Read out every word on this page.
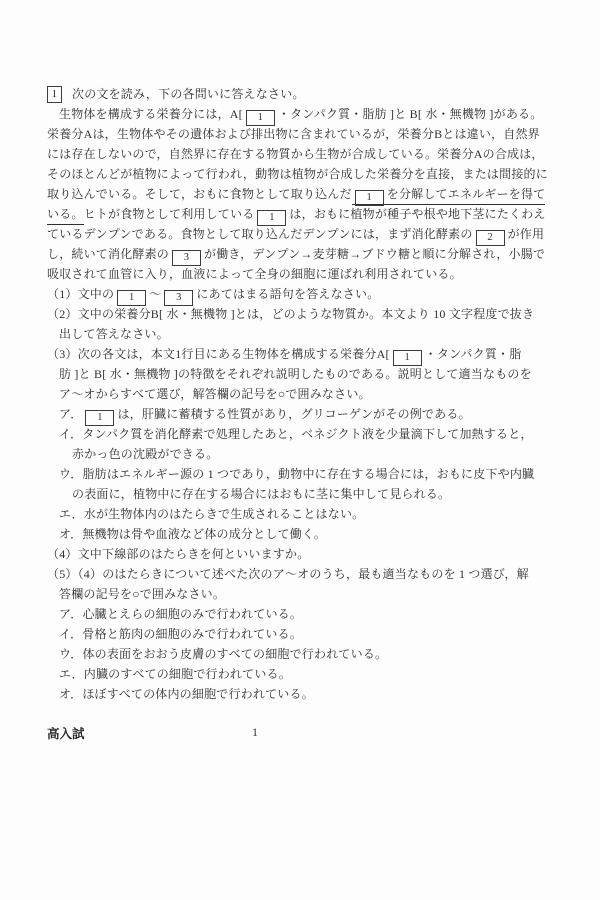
1	次の文を読み，下の各問いに答えなさい。
生物体を構成する栄養分には，A[ 1 ・タンパク質・脂肪 ]と B[ 水・無機物 ]がある。
栄養分Aは，生物体やその遺体および排出物に含まれているが，栄養分Bとは違い，自然界
には存在しないので，自然界に存在する物質から生物が合成している。栄養分Aの合成は，
そのほとんどが植物によって行われ，動物は植物が合成した栄養分を直接，または間接的に
取り込んでいる。そして，おもに食物として取り込んだ 1 を分解してエネルギーを得て
いる。ヒトが食物として利用している 1 は，おもに植物が種子や根や地下茎にたくわえ
ているデンプンである。食物として取り込んだデンプンには，まず消化酵素の 2 が作用
し，続いて消化酵素の 3 が働き，デンプン→麦芽糖→ブドウ糖と順に分解され，小腸で
吸収されて血管に入り，血液によって全身の細胞に運ばれ利用されている。
（1）文中の 1 〜 3 にあてはまる語句を答えなさい。
（2）文中の栄養分B[ 水・無機物 ]とは，どのような物質か。本文より 10 文字程度で抜き
出して答えなさい。
（3）次の各文は，本文1行目にある生物体を構成する栄養分A[ 1 ・タンパク質・脂
肪 ]と B[ 水・無機物 ]の特徴をそれぞれ説明したものである。説明として適当なものを
ア〜オからすべて選び，解答欄の記号を○で囲みなさい。
ア． 1 は，肝臓に蓄積する性質があり，グリコーゲンがその例である。
イ．タンパク質を消化酵素で処理したあと，ベネジクト液を少量滴下して加熱すると，
赤かっ色の沈殿ができる。
ウ．脂肪はエネルギー源の 1 つであり，動物中に存在する場合には，おもに皮下や内臓
の表面に，植物中に存在する場合にはおもに茎に集中して見られる。
エ．水が生物体内のはたらきで生成されることはない。
オ．無機物は骨や血液など体の成分として働く。
（4）文中下線部のはたらきを何といいますか。
（5）（4）のはたらきについて述べた次のア〜オのうち，最も適当なものを 1 つ選び，解
答欄の記号を○で囲みなさい。
ア．心臓とえらの細胞のみで行われている。
イ．骨格と筋肉の細胞のみで行われている。
ウ．体の表面をおおう皮膚のすべての細胞で行われている。
エ．内臓のすべての細胞で行われている。
オ．ほぼすべての体内の細胞で行われている。
高入試	1
